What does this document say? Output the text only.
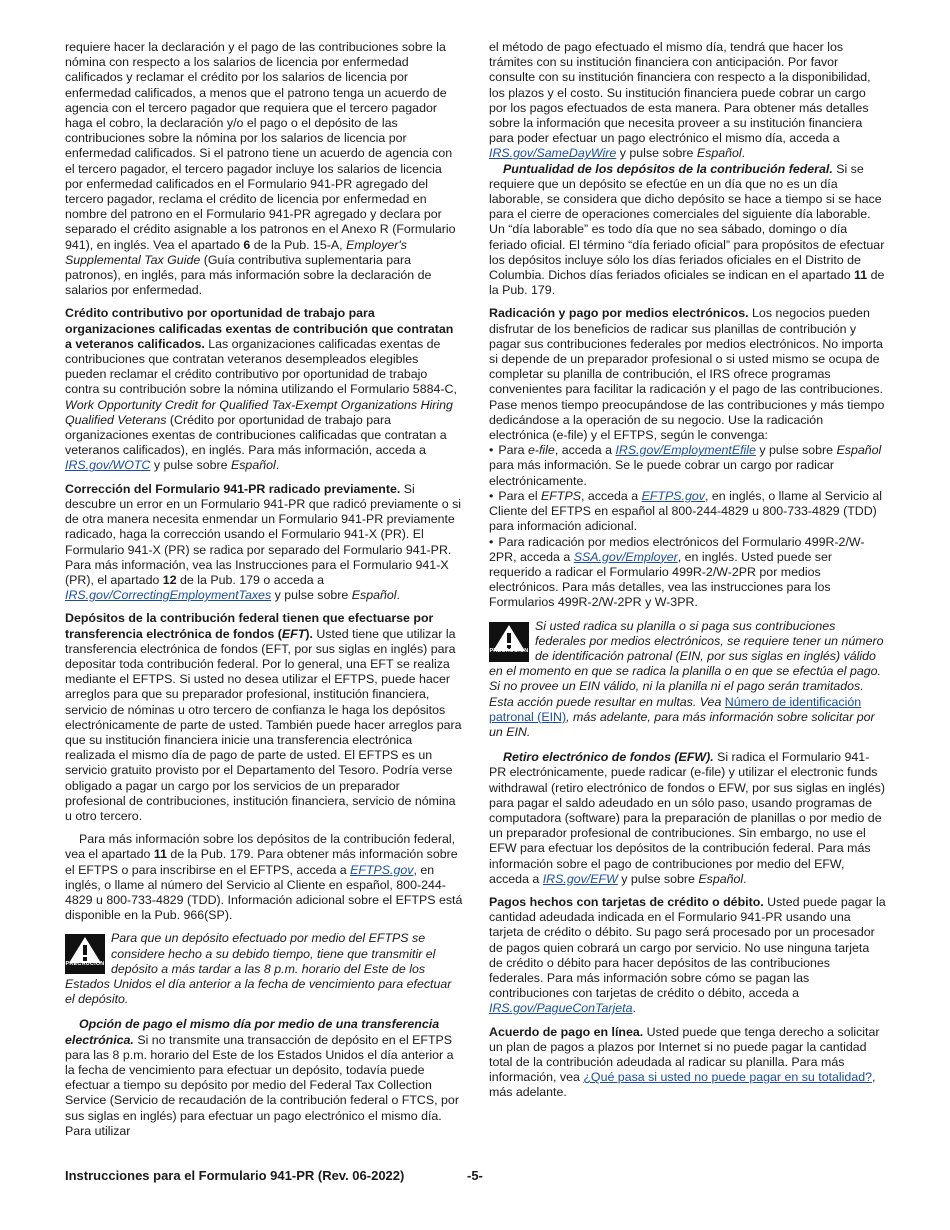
requiere hacer la declaración y el pago de las contribuciones sobre la nómina con respecto a los salarios de licencia por enfermedad calificados y reclamar el crédito por los salarios de licencia por enfermedad calificados, a menos que el patrono tenga un acuerdo de agencia con el tercero pagador que requiera que el tercero pagador haga el cobro, la declaración y/o el pago o el depósito de las contribuciones sobre la nómina por los salarios de licencia por enfermedad calificados. Si el patrono tiene un acuerdo de agencia con el tercero pagador, el tercero pagador incluye los salarios de licencia por enfermedad calificados en el Formulario 941-PR agregado del tercero pagador, reclama el crédito de licencia por enfermedad en nombre del patrono en el Formulario 941-PR agregado y declara por separado el crédito asignable a los patronos en el Anexo R (Formulario 941), en inglés. Vea el apartado 6 de la Pub. 15-A, Employer's Supplemental Tax Guide (Guía contributiva suplementaria para patronos), en inglés, para más información sobre la declaración de salarios por enfermedad.

Crédito contributivo por oportunidad de trabajo para organizaciones calificadas exentas de contribución que contratan a veteranos calificados. Las organizaciones calificadas exentas de contribuciones que contratan veteranos desempleados elegibles pueden reclamar el crédito contributivo por oportunidad de trabajo contra su contribución sobre la nómina utilizando el Formulario 5884-C, Work Opportunity Credit for Qualified Tax-Exempt Organizations Hiring Qualified Veterans (Crédito por oportunidad de trabajo para organizaciones exentas de contribuciones calificadas que contratan a veteranos calificados), en inglés. Para más información, acceda a IRS.gov/WOTC y pulse sobre Español.

Corrección del Formulario 941-PR radicado previamente. Si descubre un error en un Formulario 941-PR que radicó previamente o si de otra manera necesita enmendar un Formulario 941-PR previamente radicado, haga la corrección usando el Formulario 941-X (PR). El Formulario 941-X (PR) se radica por separado del Formulario 941-PR. Para más información, vea las Instrucciones para el Formulario 941-X (PR), el apartado 12 de la Pub. 179 o acceda a IRS.gov/CorrectingEmploymentTaxes y pulse sobre Español.

Depósitos de la contribución federal tienen que efectuarse por transferencia electrónica de fondos (EFT). Usted tiene que utilizar la transferencia electrónica de fondos (EFT, por sus siglas en inglés) para depositar toda contribución federal. Por lo general, una EFT se realiza mediante el EFTPS. Si usted no desea utilizar el EFTPS, puede hacer arreglos para que su preparador profesional, institución financiera, servicio de nóminas u otro tercero de confianza le haga los depósitos electrónicamente de parte de usted. También puede hacer arreglos para que su institución financiera inicie una transferencia electrónica realizada el mismo día de pago de parte de usted. El EFTPS es un servicio gratuito provisto por el Departamento del Tesoro. Podría verse obligado a pagar un cargo por los servicios de un preparador profesional de contribuciones, institución financiera, servicio de nómina u otro tercero.

Para más información sobre los depósitos de la contribución federal, vea el apartado 11 de la Pub. 179. Para obtener más información sobre el EFTPS o para inscribirse en el EFTPS, acceda a EFTPS.gov, en inglés, o llame al número del Servicio al Cliente en español, 800-244-4829 u 800-733-4829 (TDD). Información adicional sobre el EFTPS está disponible en la Pub. 966(SP).

PRECAUCION
Para que un depósito efectuado por medio del EFTPS se considere hecho a su debido tiempo, tiene que transmitir el depósito a más tardar a las 8 p.m. horario del Este de los Estados Unidos el día anterior a la fecha de vencimiento para efectuar el depósito.

Opción de pago el mismo día por medio de una transferencia electrónica. Si no transmite una transacción de depósito en el EFTPS para las 8 p.m. horario del Este de los Estados Unidos el día anterior a la fecha de vencimiento para efectuar un depósito, todavía puede efectuar a tiempo su depósito por medio del Federal Tax Collection Service (Servicio de recaudación de la contribución federal o FTCS, por sus siglas en inglés) para efectuar un pago electrónico el mismo día. Para utilizar

el método de pago efectuado el mismo día, tendrá que hacer los trámites con su institución financiera con anticipación. Por favor consulte con su institución financiera con respecto a la disponibilidad, los plazos y el costo. Su institución financiera puede cobrar un cargo por los pagos efectuados de esta manera. Para obtener más detalles sobre la información que necesita proveer a su institución financiera para poder efectuar un pago electrónico el mismo día, acceda a IRS.gov/SameDayWire y pulse sobre Español.
Puntualidad de los depósitos de la contribución federal. Si se requiere que un depósito se efectúe en un día que no es un día laborable, se considera que dicho depósito se hace a tiempo si se hace para el cierre de operaciones comerciales del siguiente día laborable. Un “día laborable” es todo día que no sea sábado, domingo o día feriado oficial. El término “día feriado oficial” para propósitos de efectuar los depósitos incluye sólo los días feriados oficiales en el Distrito de Columbia. Dichos días feriados oficiales se indican en el apartado 11 de la Pub. 179.

Radicación y pago por medios electrónicos. Los negocios pueden disfrutar de los beneficios de radicar sus planillas de contribución y pagar sus contribuciones federales por medios electrónicos. No importa si depende de un preparador profesional o si usted mismo se ocupa de completar su planilla de contribución, el IRS ofrece programas convenientes para facilitar la radicación y el pago de las contribuciones. Pase menos tiempo preocupándose de las contribuciones y más tiempo dedicándose a la operación de su negocio. Use la radicación electrónica (e-file) y el EFTPS, según le convenga:

• Para e-file, acceda a IRS.gov/EmploymentEfile y pulse sobre Español para más información. Se le puede cobrar un cargo por radicar electrónicamente.
• Para el EFTPS, acceda a EFTPS.gov, en inglés, o llame al Servicio al Cliente del EFTPS en español al 800-244-4829 u 800-733-4829 (TDD) para información adicional.
• Para radicación por medios electrónicos del Formulario 499R-2/W-2PR, acceda a SSA.gov/Employer, en inglés. Usted puede ser requerido a radicar el Formulario 499R-2/W-2PR por medios electrónicos. Para más detalles, vea las instrucciones para los Formularios 499R-2/W-2PR y W-3PR.
PRECAUCION
Si usted radica su planilla o si paga sus contribuciones federales por medios electrónicos, se requiere tener un número de identificación patronal (EIN, por sus siglas en inglés) válido en el momento en que se radica la planilla o en que se efectúa el pago. Si no provee un EIN válido, ni la planilla ni el pago serán tramitados. Esta acción puede resultar en multas. Vea Número de identificación patronal (EIN), más adelante, para más información sobre solicitar por un EIN.

Retiro electrónico de fondos (EFW). Si radica el Formulario 941-PR electrónicamente, puede radicar (e-file) y utilizar el electronic funds withdrawal (retiro electrónico de fondos o EFW, por sus siglas en inglés) para pagar el saldo adeudado en un sólo paso, usando programas de computadora (software) para la preparación de planillas o por medio de un preparador profesional de contribuciones. Sin embargo, no use el EFW para efectuar los depósitos de la contribución federal. Para más información sobre el pago de contribuciones por medio del EFW, acceda a IRS.gov/EFW y pulse sobre Español.

Pagos hechos con tarjetas de crédito o débito. Usted puede pagar la cantidad adeudada indicada en el Formulario 941-PR usando una tarjeta de crédito o débito. Su pago será procesado por un procesador de pagos quien cobrará un cargo por servicio. No use ninguna tarjeta de crédito o débito para hacer depósitos de las contribuciones federales. Para más información sobre cómo se pagan las contribuciones con tarjetas de crédito o débito, acceda a IRS.gov/PagueConTarjeta.

Acuerdo de pago en línea. Usted puede que tenga derecho a solicitar un plan de pagos a plazos por Internet si no puede pagar la cantidad total de la contribución adeudada al radicar su planilla. Para más información, vea ¿Qué pasa si usted no puede pagar en su totalidad?, más adelante.

Instrucciones para el Formulario 941-PR (Rev. 06-2022)	-5-
